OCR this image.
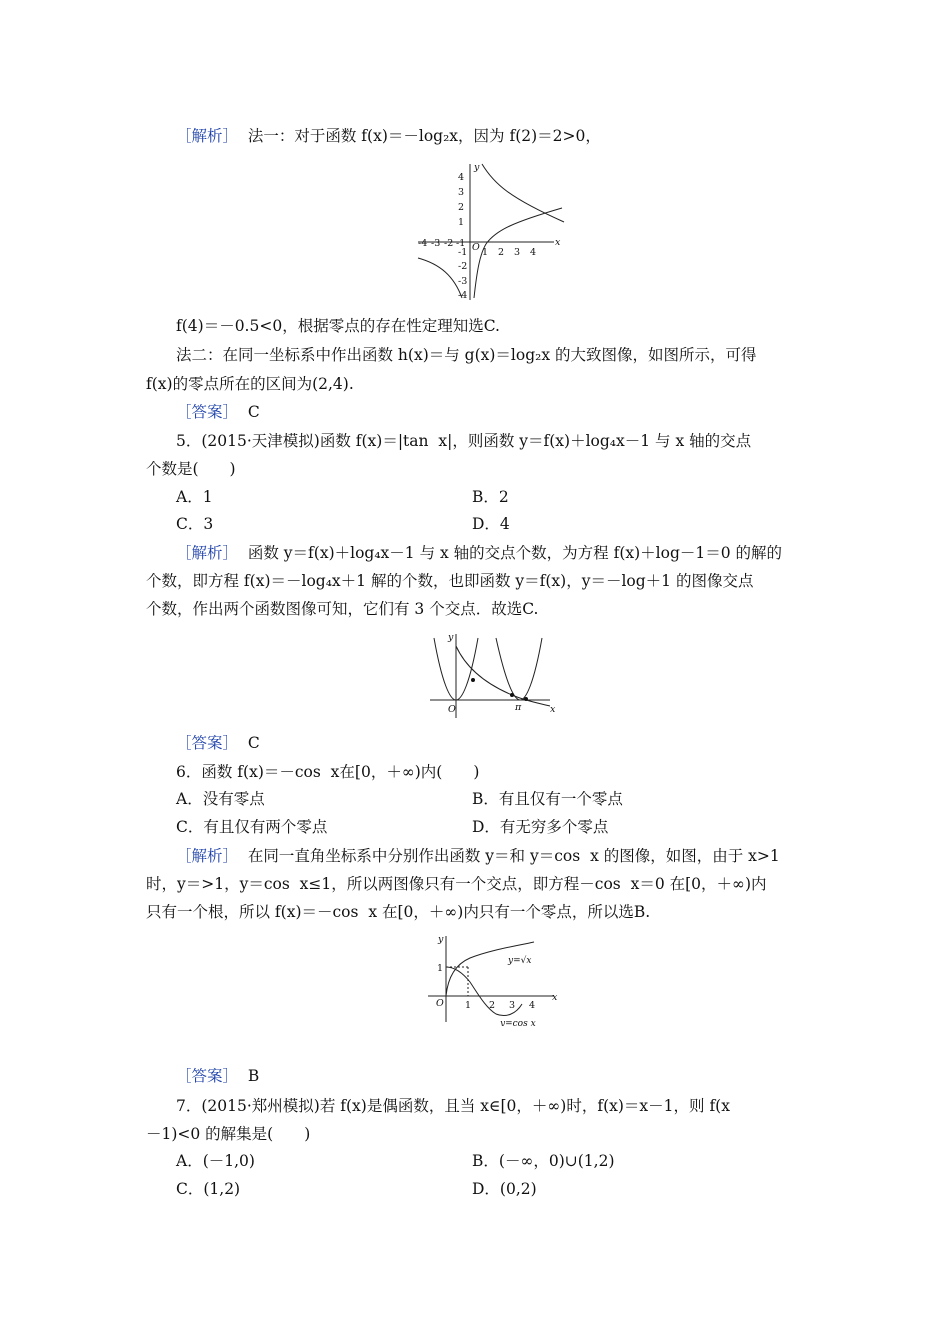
［解析］ 法一：对于函数 f(x)＝－log₂x，因为 f(2)＝2>0，
y
x
O
4
3
2
1
-1
-2
-3
-4
-4 -3 -2 -1
1 2 3 4
f(4)＝－0.5<0，根据零点的存在性定理知选C.
法二：在同一坐标系中作出函数 h(x)＝与 g(x)＝log₂x 的大致图像，如图所示，可得
f(x)的零点所在的区间为(2,4).
［答案］ C
5．(2015·天津模拟)函数 f(x)＝|tan  x|，则函数 y＝f(x)＋log₄x－1 与 x 轴的交点
个数是(　　)
A．1	B．2
C．3	D．4
［解析］ 函数 y＝f(x)＋log₄x－1 与 x 轴的交点个数，为方程 f(x)＋log－1＝0 的解的
个数，即方程 f(x)＝－log₄x＋1 解的个数，也即函数 y＝f(x)，y＝－log＋1 的图像交点
个数，作出两个函数图像可知，它们有 3 个交点．故选C.
y
x
O	π
［答案］ C
6．函数 f(x)＝－cos  x在[0，＋∞)内(　　)
A．没有零点	B．有且仅有一个零点
C．有且仅有两个零点	D．有无穷多个零点
［解析］ 在同一直角坐标系中分别作出函数 y＝和 y＝cos  x 的图像，如图，由于 x>1
时，y＝>1，y＝cos  x≤1，所以两图像只有一个交点，即方程－cos  x＝0 在[0，＋∞)内
只有一个根，所以 f(x)＝－cos  x 在[0，＋∞)内只有一个零点，所以选B.
y
x
O
1
1 2 3 4
y=√x
y=cos x
［答案］ B
7．(2015·郑州模拟)若 f(x)是偶函数，且当 x∈[0，＋∞)时，f(x)＝x－1，则 f(x
－1)<0 的解集是(　　)
A．(－1,0)	B．(－∞，0)∪(1,2)
C．(1,2)	D．(0,2)
